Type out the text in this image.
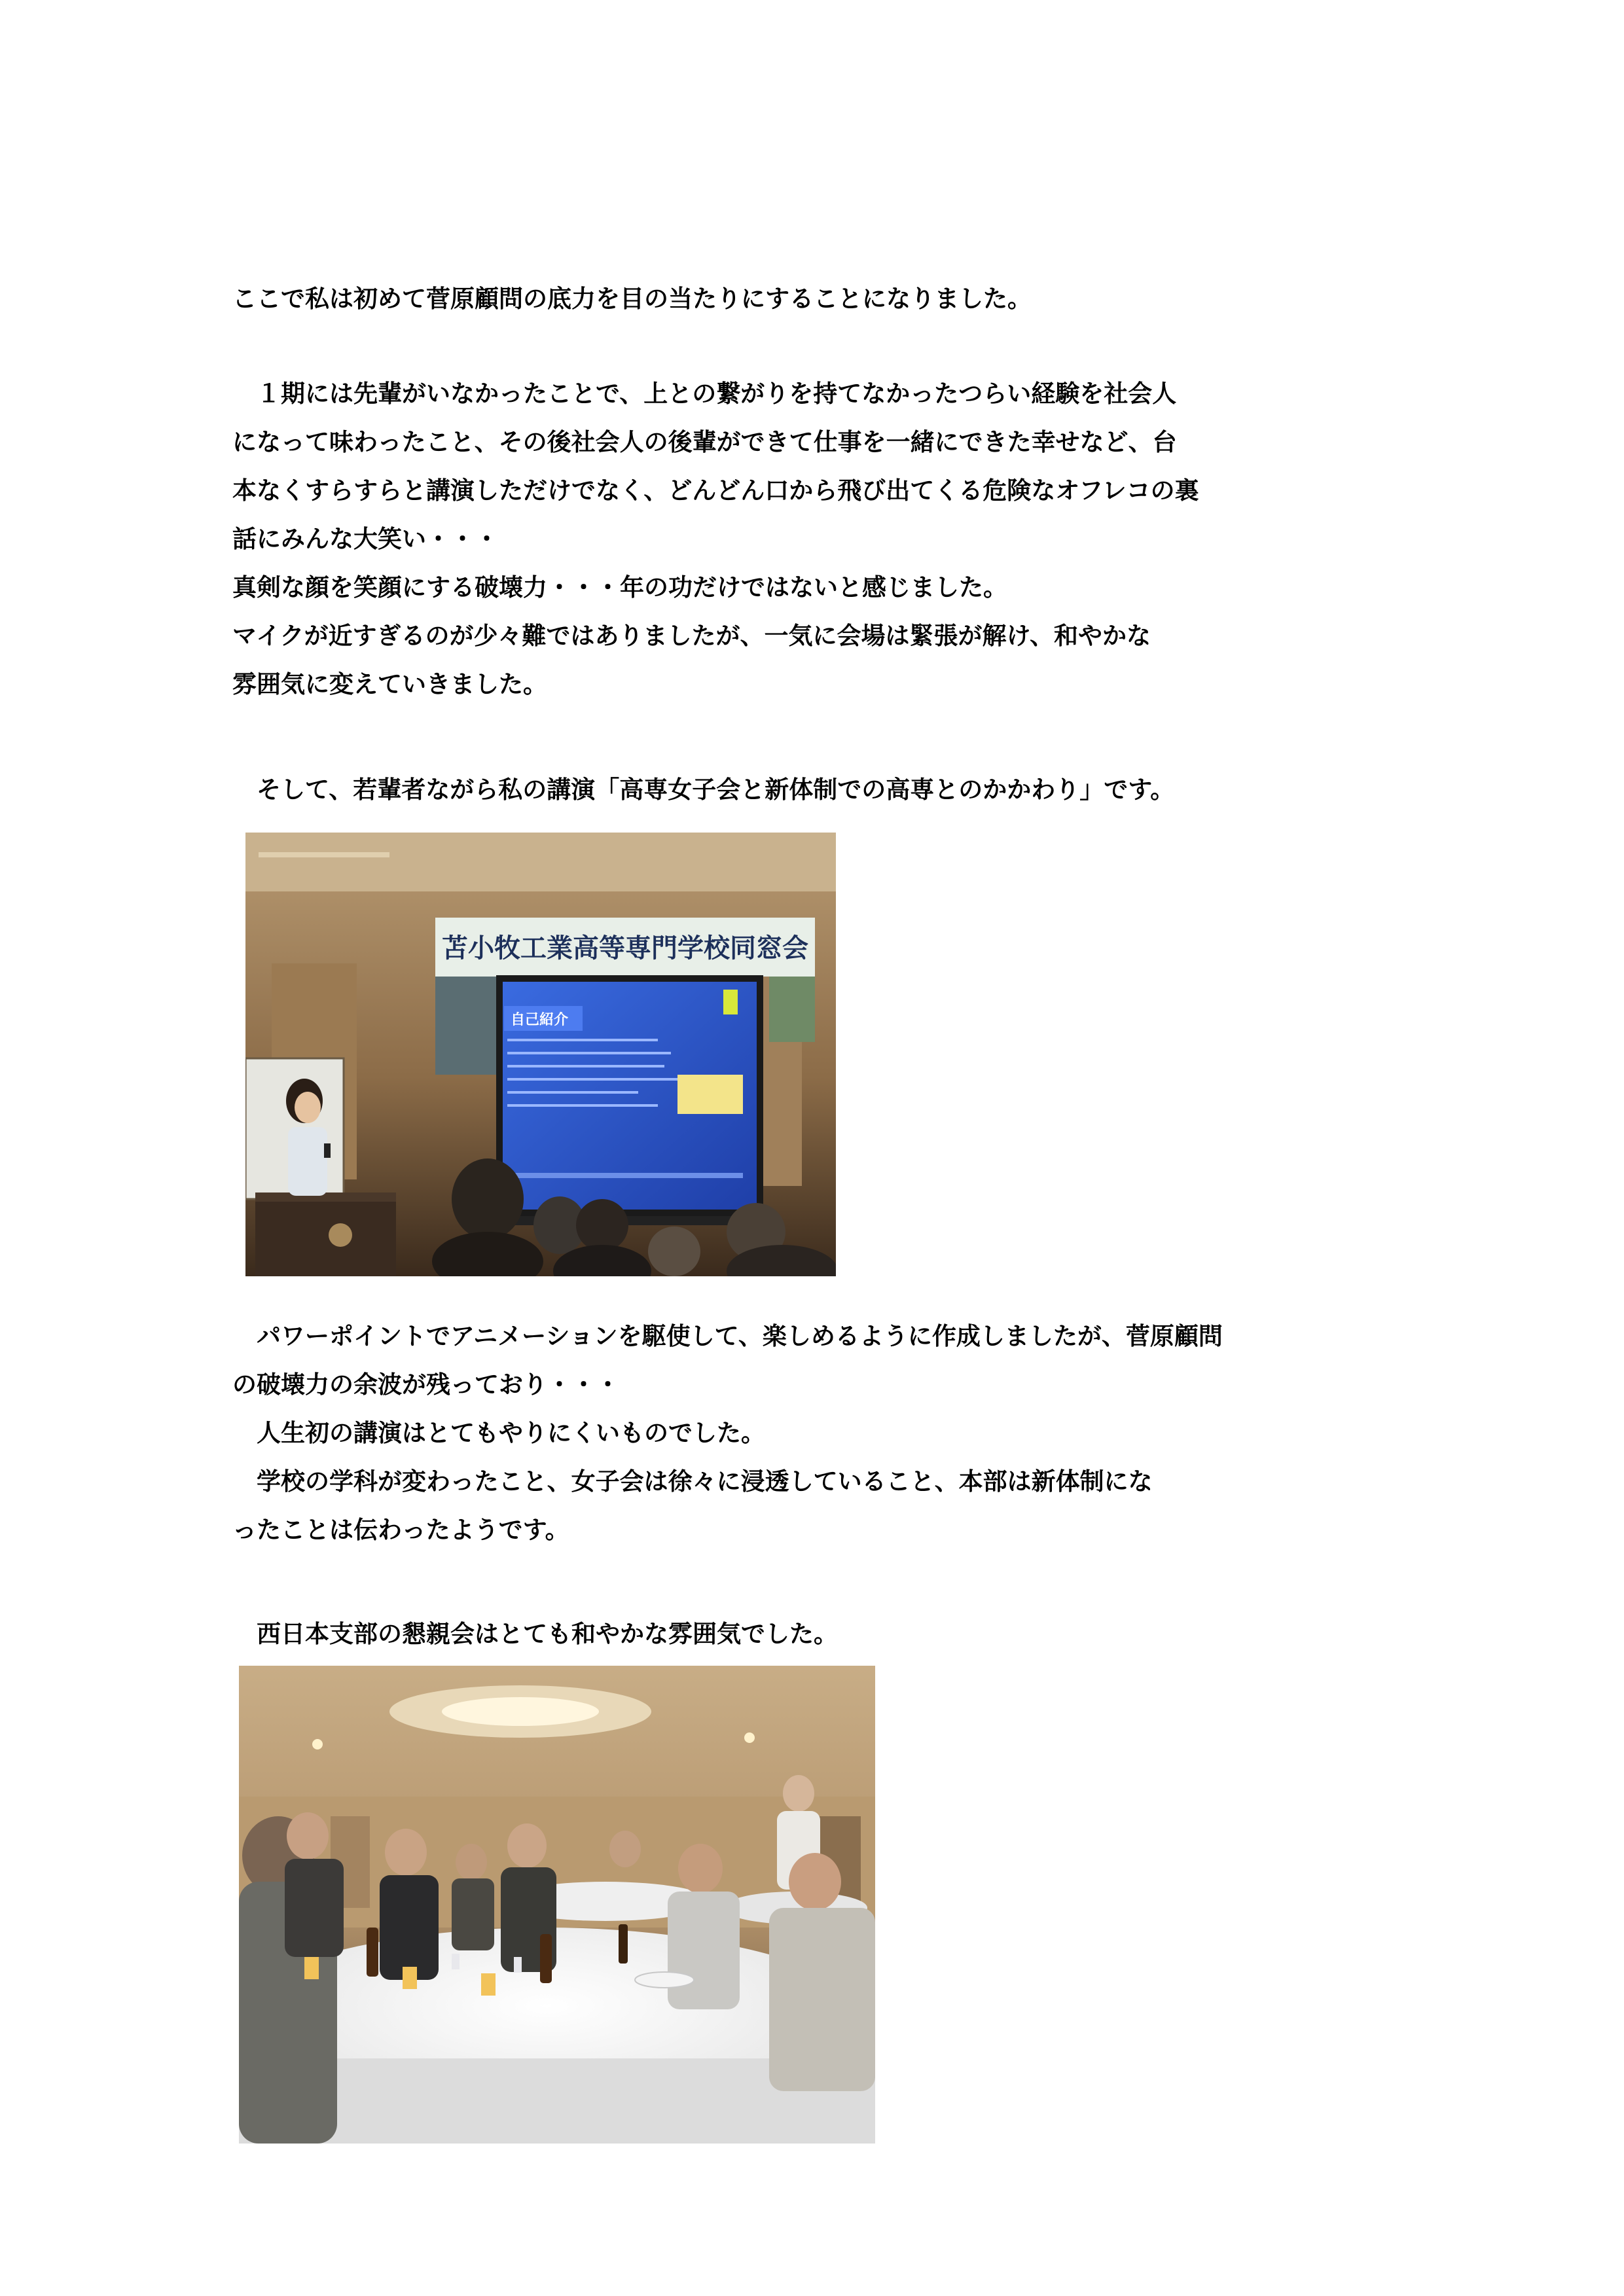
ここで私は初めて菅原顧問の底力を目の当たりにすることになりました。
　１期には先輩がいなかったことで、上との繋がりを持てなかったつらい経験を社会人
になって味わったこと、その後社会人の後輩ができて仕事を一緒にできた幸せなど、台
本なくすらすらと講演しただけでなく、どんどん口から飛び出てくる危険なオフレコの裏
話にみんな大笑い・・・
真剣な顔を笑顔にする破壊力・・・年の功だけではないと感じました。
マイクが近すぎるのが少々難ではありましたが、一気に会場は緊張が解け、和やかな
雰囲気に変えていきました。
　そして、若輩者ながら私の講演「高専女子会と新体制での高専とのかかわり」です。
苫小牧工業高等専門学校同窓会
自己紹介
　パワーポイントでアニメーションを駆使して、楽しめるように作成しましたが、菅原顧問
の破壊力の余波が残っており・・・
　人生初の講演はとてもやりにくいものでした。
　学校の学科が変わったこと、女子会は徐々に浸透していること、本部は新体制にな
ったことは伝わったようです。
　西日本支部の懇親会はとても和やかな雰囲気でした。
